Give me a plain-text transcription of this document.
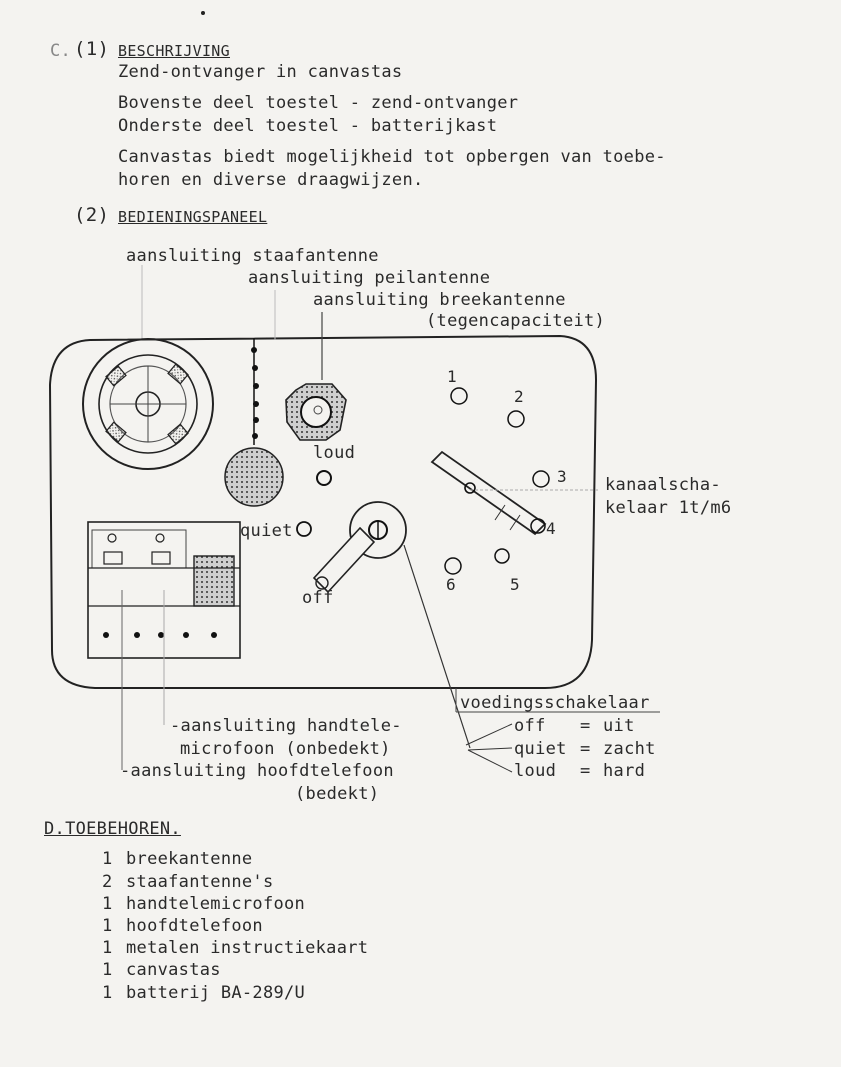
C. (1) BESCHRIJVING
Zend-ontvanger in canvastas
Bovenste deel toestel - zend-ontvanger
Onderste deel toestel - batterijkast
Canvastas biedt mogelijkheid tot opbergen van toebe-
horen en diverse draagwijzen.
(2) BEDIENINGSPANEEL
aansluiting staafantenne
aansluiting peilantenne
aansluiting breekantenne
(tegencapaciteit)
loud
quiet
off
1
2
3
4
5
6
kanaalscha-
kelaar 1t/m6
voedingsschakelaar
off = uit
quiet = zacht
loud = hard
-aansluiting handtele-
microfoon (onbedekt)
-aansluiting hoofdtelefoon
(bedekt)
D.TOEBEHOREN.
1 breekantenne
2 staafantenne's
1 handtelemicrofoon
1 hoofdtelefoon
1 metalen instructiekaart
1 canvastas
1 batterij BA-289/U
